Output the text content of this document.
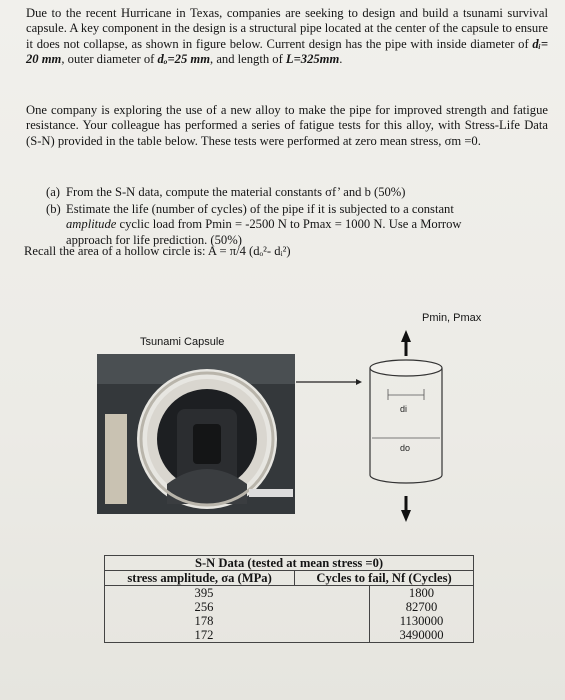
Due to the recent Hurricane in Texas, companies are seeking to design and build a tsunami survival capsule. A key component in the design is a structural pipe located at the center of the capsule to ensure it does not collapse, as shown in figure below. Current design has the pipe with inside diameter of dᵢ= 20 mm, outer diameter of dₒ=25 mm, and length of L=325mm.
One company is exploring the use of a new alloy to make the pipe for improved strength and fatigue resistance. Your colleague has performed a series of fatigue tests for this alloy, with Stress-Life Data (S-N) provided in the table below. These tests were performed at zero mean stress, σm =0.
(a) From the S-N data, compute the material constants σf’ and b (50%)
(b) Estimate the life (number of cycles) of the pipe if it is subjected to a constant
amplitude cyclic load from Pmin = -2500 N to Pmax = 1000 N. Use a Morrow
approach for life prediction. (50%)
Recall the area of a hollow circle is: A = π/4 (dₒ²- dᵢ²)
Tsunami Capsule
Pmin, Pmax
di
do
S-N Data (tested at mean stress =0)
stress amplitude, σa (MPa)	Cycles to fail, Nf (Cycles)
395	1800
256	82700
178	1130000
172	3490000
